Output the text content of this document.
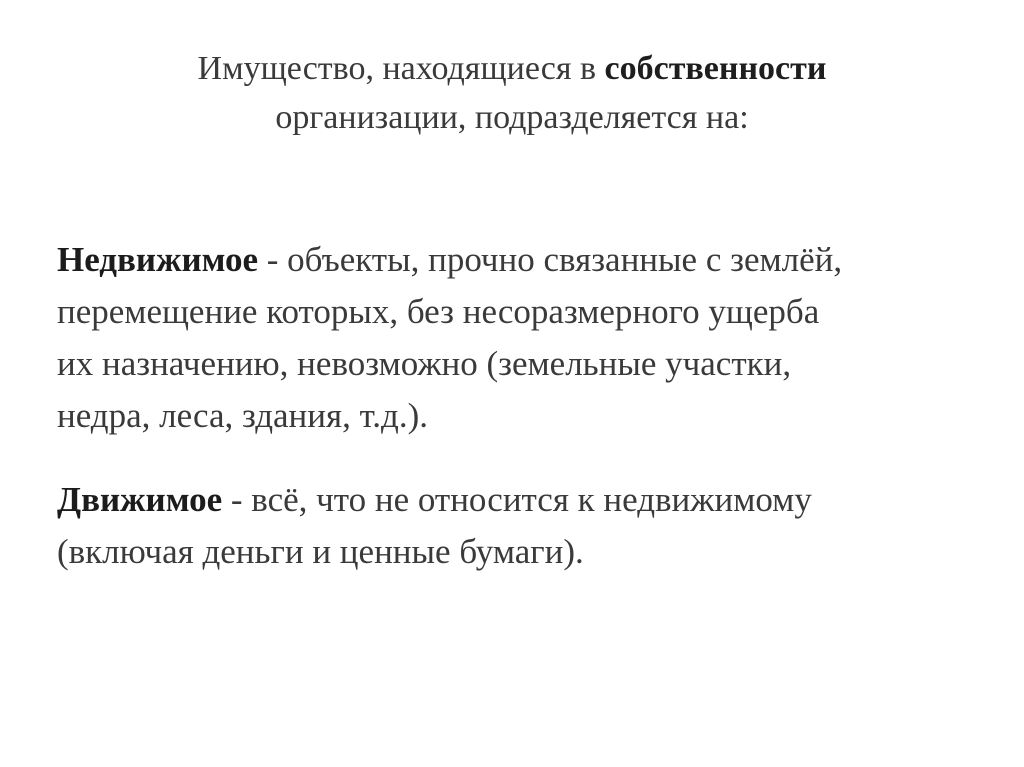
Имущество, находящиеся в собственности
организации, подразделяется на:
Недвижимое - объекты, прочно связанные с землёй,
перемещение которых, без несоразмерного ущерба
их назначению, невозможно (земельные участки,
недра, леса, здания, т.д.).
Движимое - всё, что не относится к недвижимому
(включая деньги и ценные бумаги).
